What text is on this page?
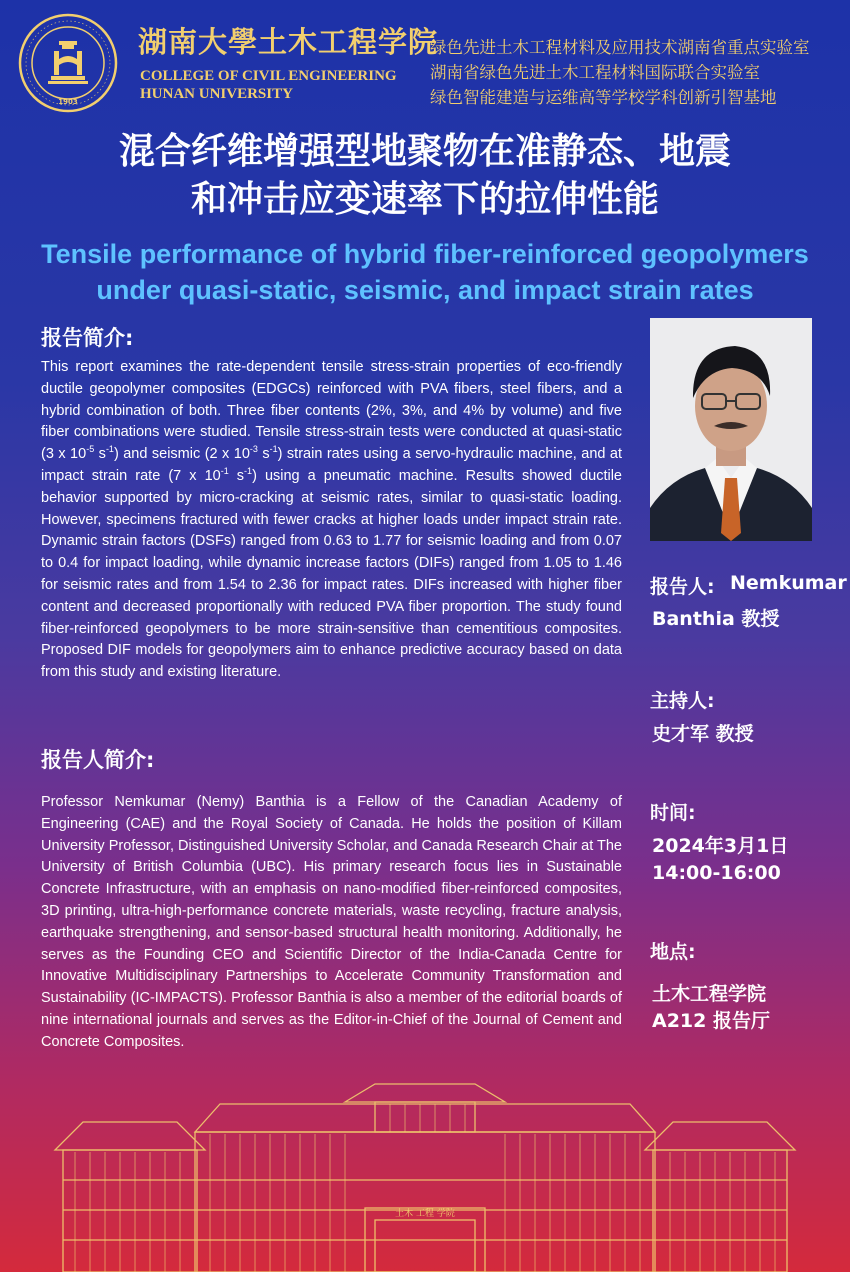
1903
湖南大學土木工程学院
COLLEGE OF CIVIL ENGINEERING
HUNAN UNIVERSITY
绿色先进土木工程材料及应用技术湖南省重点实验室
湖南省绿色先进土木工程材料国际联合实验室
绿色智能建造与运维高等学校学科创新引智基地
混合纤维增强型地聚物在准静态、地震
和冲击应变速率下的拉伸性能
Tensile performance of hybrid fiber-reinforced geopolymers
under quasi-static, seismic, and impact strain rates
报告简介:
This report examines the rate-dependent tensile stress-strain properties of eco-friendly ductile geopolymer composites (EDGCs) reinforced with PVA fibers, steel fibers, and a hybrid combination of both. Three fiber contents (2%, 3%, and 4% by volume) and five fiber combinations were studied. Tensile stress-strain tests were conducted at quasi-static (3 x $10^{-5}$ $s^{-1}$) and seismic (2 x $10^{-3}$ $s^{-1}$) strain rates using a servo-hydraulic machine, and at impact strain rate (7 x $10^{-1}$ $s^{-1}$) using a pneumatic machine. Results showed ductile behavior supported by micro-cracking at seismic rates, similar to quasi-static loading. However, specimens fractured with fewer cracks at higher loads under impact strain rate. Dynamic strain factors (DSFs) ranged from 0.63 to 1.77 for seismic loading and from 0.07 to 0.4 for impact loading, while dynamic increase factors (DIFs) ranged from 1.05 to 1.46 for seismic rates and from 1.54 to 2.36 for impact rates. DIFs increased with higher fiber content and decreased proportionally with reduced PVA fiber proportion. The study found fiber-reinforced geopolymers to be more strain-sensitive than cementitious composites. Proposed DIF models for geopolymers aim to enhance predictive accuracy based on data from this study and existing literature.
报告人简介:
Professor Nemkumar (Nemy) Banthia is a Fellow of the Canadian Academy of Engineering (CAE) and the Royal Society of Canada. He holds the position of Killam University Professor, Distinguished University Scholar, and Canada Research Chair at The University of British Columbia (UBC). His primary research focus lies in Sustainable Concrete Infrastructure, with an emphasis on nano-modified fiber-reinforced composites, 3D printing, ultra-high-performance concrete materials, waste recycling, fracture analysis, earthquake strengthening, and sensor-based structural health monitoring. Additionally, he serves as the Founding CEO and Scientific Director of the India-Canada Centre for Innovative Multidisciplinary Partnerships to Accelerate Community Transformation and Sustainability (IC-IMPACTS). Professor Banthia is also a member of the editorial boards of nine international journals and serves as the Editor-in-Chief of the Journal of Cement and Concrete Composites.
报告人: Nemkumar
Banthia 教授
主持人:
史才军 教授
时间:
2024年3月1日
14:00-16:00
地点:
土木工程学院
A212 报告厅
土木 工程 学院
